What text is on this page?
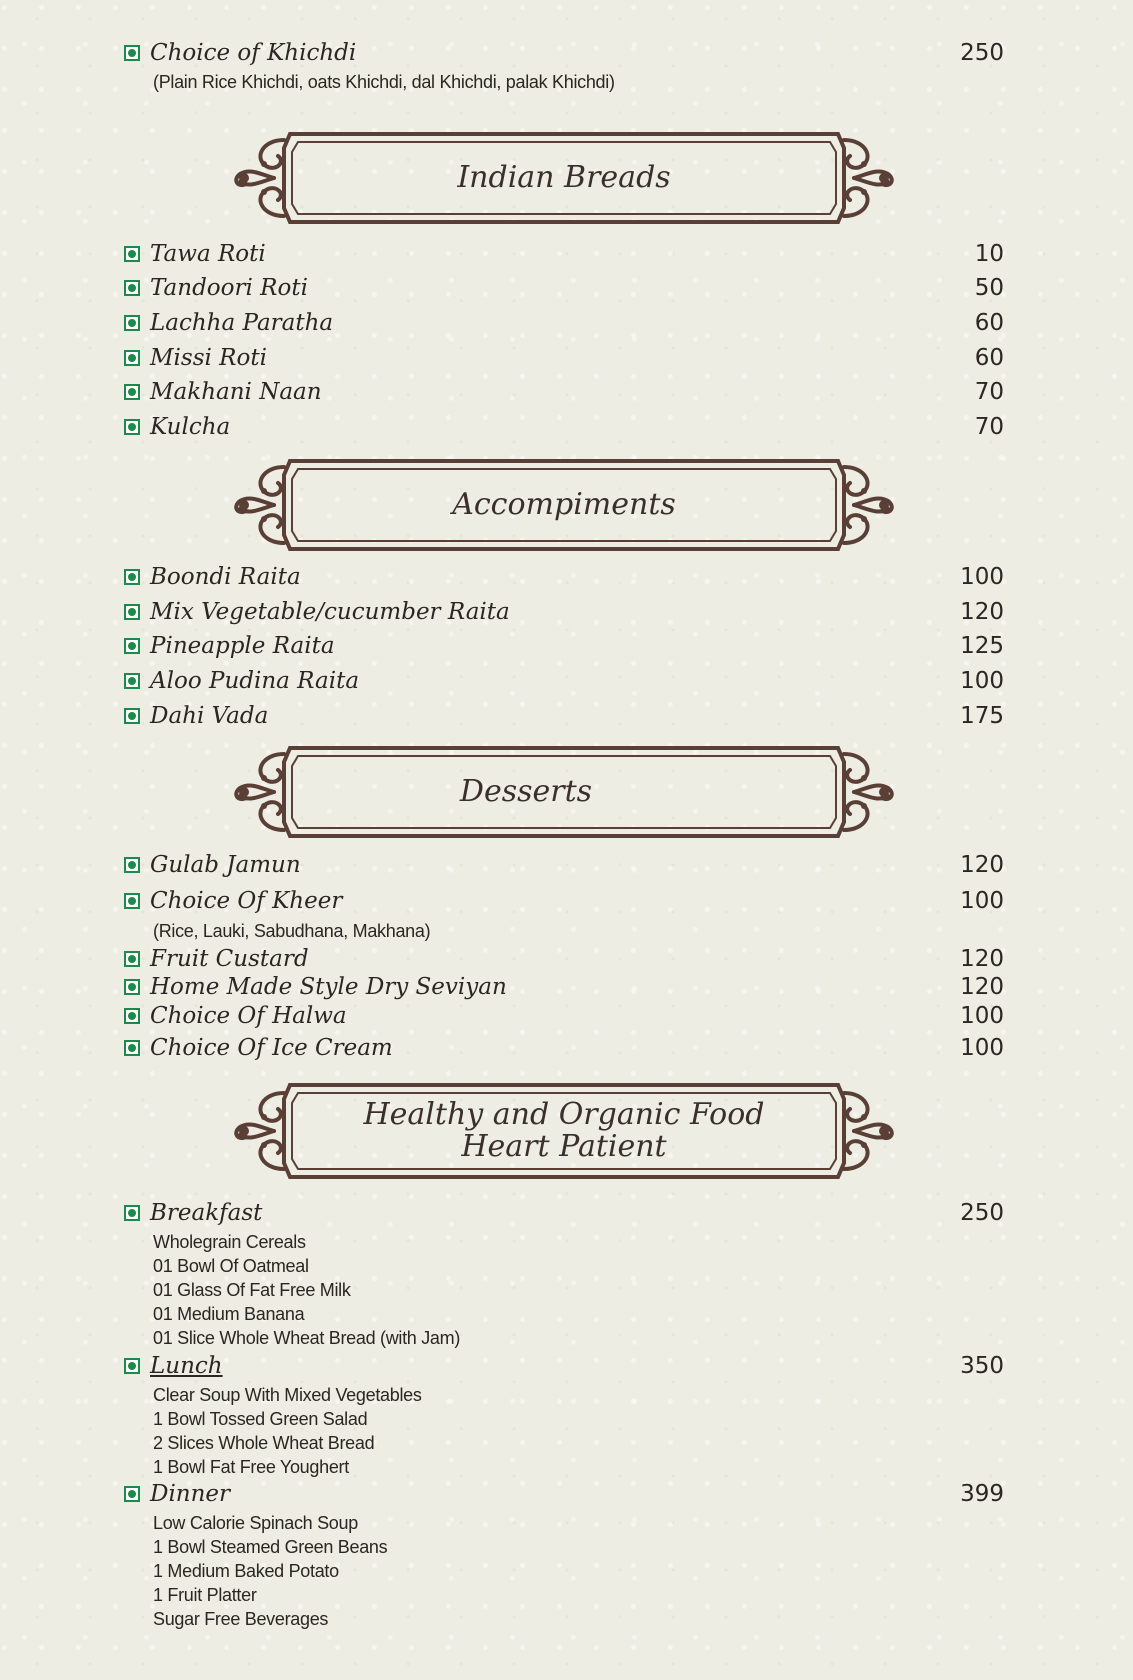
Choice of Khichdi	250
(Plain Rice Khichdi, oats Khichdi, dal Khichdi, palak Khichdi)
Indian Breads
Tawa Roti	10
Tandoori Roti	50
Lachha Paratha	60
Missi Roti	60
Makhani Naan	70
Kulcha	70
Accompiments
Boondi Raita	100
Mix Vegetable/cucumber Raita	120
Pineapple Raita	125
Aloo Pudina Raita	100
Dahi Vada	175
Desserts
Gulab Jamun	120
Choice Of Kheer	100
(Rice, Lauki, Sabudhana, Makhana)
Fruit Custard	120
Home Made Style Dry Seviyan	120
Choice Of Halwa	100
Choice Of Ice Cream	100
Healthy and Organic Food
Heart Patient
Breakfast	250
Wholegrain Cereals
01 Bowl Of Oatmeal
01 Glass Of Fat Free Milk
01 Medium Banana
01 Slice Whole Wheat Bread (with Jam)
Lunch	350
Clear Soup With Mixed Vegetables
1 Bowl Tossed Green Salad
2 Slices Whole Wheat Bread
1 Bowl Fat Free Youghert
Dinner	399
Low Calorie Spinach Soup
1 Bowl Steamed Green Beans
1 Medium Baked Potato
1 Fruit Platter
Sugar Free Beverages
